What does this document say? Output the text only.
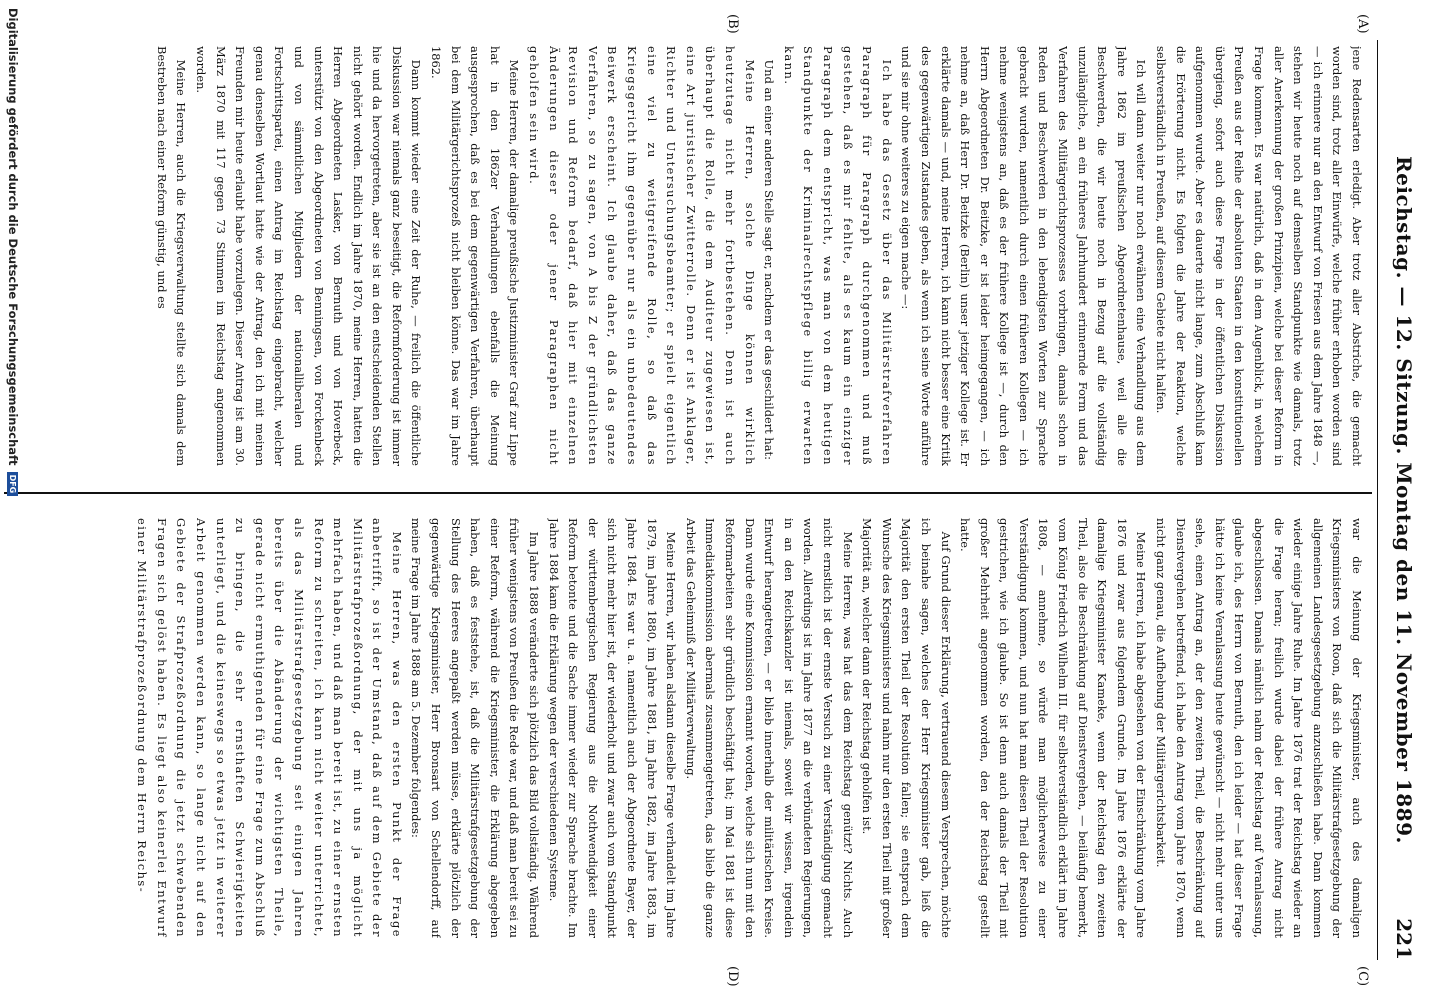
Reichstag. — 12. Sitzung. Montag den 11. November 1889.
221
(A)
(B)
(C)
(D)

jene Redensarten erledigt. Aber trotz aller Abstriche, die gemacht worden sind, trotz aller Einwürfe, welche früher erhoben worden sind — ich erinnere nur an den Entwurf von Friesen aus dem Jahre 1848 —, stehen wir heute noch auf demselben Standpunkte wie damals, trotz aller Anerkennung der großen Prinzipien, welche bei dieser Reform in Frage kommen. Es war natürlich, daß in dem Augenblick, in welchem Preußen aus der Reihe der absoluten Staaten in den konstitutionellen übergieng, sofort auch diese Frage in der öffentlichen Diskussion aufgenommen wurde. Aber es dauerte nicht lange, zum Abschluß kam die Erörterung nicht. Es folgten die Jahre der Reaktion, welche selbstverständlich in Preußen, auf diesem Gebiete nicht halfen.

Ich will dann weiter nur noch erwähnen eine Verhandlung aus dem Jahre 1862 im preußischen Abgeordnetenhause, weil alle die Beschwerden, die wir heute noch in Bezug auf die vollständig unzulängliche, an ein früheres Jahrhundert erinnernde Form und das Verfahren des Militärgerichtsprozesses vorbringen, damals schon in Reden und Beschwerden in den lebendigsten Worten zur Sprache gebracht wurden, namentlich durch einen früheren Kollegen — ich nehme wenigstens an, daß es der frühere Kollege ist —, durch den Herrn Abgeordneten Dr. Beitzke, er ist leider heimgegangen, — ich nehme an, daß Herr Dr. Beitzke (Berlin) unser jetziger Kollege ist. Er erklärte damals — und, meine Herren, ich kann nicht besser eine Kritik des gegenwärtigen Zustandes geben, als wenn ich seine Worte anführe und sie mir ohne weiteres zu eigen mache —:

Ich habe das Gesetz über das Militärstrafverfahren Paragraph für Paragraph durchgenommen und muß gestehen, daß es mir fehlte, als es kaum ein einziger Paragraph dem entspricht, was man von dem heutigen Standpunkte der Kriminalrechtspflege billig erwarten kann.

Und an einer anderen Stelle sagt er, nachdem er das geschildert hat:

Meine Herren, solche Dinge können wirklich heutzutage nicht mehr fortbestehen. Denn ist auch überhaupt die Rolle, die dem Auditeur zugewiesen ist, eine Art juristischer Zwitterrolle. Denn er ist Anklager, Richter und Untersuchungsbeamter; er spielt eigentlich eine viel zu weitgreifende Rolle, so daß das Kriegsgericht ihm gegenüber nur als ein unbedeutendes Beiwerk erscheint. Ich glaube daher, daß das ganze Verfahren, so zu sagen, von A bis Z der gründlichsten Revision und Reform bedarf, daß hier mit einzelnen Änderungen dieser oder jener Paragraphen nicht geholfen sein wird.

Meine Herren, der damalige preußische Justizminister Graf zur Lippe hat in den 1862er Verhandlungen ebenfalls die Meinung ausgesprochen, daß es bei dem gegenwärtigen Verfahren, überhaupt bei dem Militärgerichtsprozeß nicht bleiben könne. Das war im Jahre 1862.

Dann kommt wieder eine Zeit der Ruhe, — freilich die öffentliche Diskussion war niemals ganz beseitigt, die Reformforderung ist immer hie und da hervorgetreten, aber sie ist an den entscheidenden Stellen nicht gehört worden. Endlich im Jahre 1870, meine Herren, hatten die Herren Abgeordneten Lasker, von Bernuth und von Hoverbeck, unterstützt von den Abgeordneten von Benningsen, von Forckenbeck und von sämmtlichen Mitgliedern der nationalliberalen und Fortschrittspartei, einen Antrag im Reichstag eingebracht, welcher genau denselben Wortlaut hatte wie der Antrag, den ich mit meinen Freunden mir heute erlaubt habe vorzulegen. Dieser Antrag ist am 30. März 1870 mit 117 gegen 73 Stimmen im Reichstag angenommen worden.

Meine Herren, auch die Kriegsverwaltung stellte sich damals dem Bestreben nach einer Reform günstig, und es

war die Meinung der Kriegsminister, auch des damaligen Kriegsministers von Roon, daß sich die Militärstrafgesetzgebung der allgemeinen Landesgesetzgebung anzuschließen habe. Dann kommen wieder einige Jahre Ruhe. Im Jahre 1876 trat der Reichstag wieder an die Frage heran; freilich wurde dabei der frühere Antrag nicht abgeschlossen. Damals nämlich nahm der Reichstag auf Veranlassung, glaube ich, des Herrn von Bernuth, den ich leider — hat dieser Frage hätte ich keine Veranlassung heute gewünscht — nicht mehr unter uns sehe, einen Antrag an, der den zweiten Theil, die Beschränkung auf Dienstvergehen betreffend, ich habe den Antrag vom Jahre 1870, wenn nicht ganz genau, die Aufhebung der Militärgerichtsbarkeit.

Meine Herren, ich habe abgesehen von der Einschränkung vom Jahre 1876 und zwar aus folgendem Grunde. Im Jahre 1876 erklärte der damalige Kriegsminister Kameke, wenn der Reichstag den zweiten Theil, also die Beschränkung auf Dienstvergehen, — beiläufig bemerkt, vom König Friedrich Wilhelm III. für selbstverständlich erklärt im Jahre 1808, — annehme, so würde man möglicherweise zu einer Verständigung kommen, und nun hat man diesen Theil der Resolution gestrichen, wie ich glaube. So ist denn auch damals der Theil mit großer Mehrheit angenommen worden, den der Reichstag gestellt hatte.

Auf Grund dieser Erklärung, vertrauend diesem Versprechen, möchte ich beinahe sagen, welches der Herr Kriegsminister gab, ließ die Majorität den ersten Theil der Resolution fallen; sie entsprach dem Wunsche des Kriegsministers und nahm nur den ersten Theil mit großer Majorität an, welcher dann der Reichstag geholfen ist.

Meine Herren, was hat das dem Reichstag genützt? Nichts. Auch nicht ernstlich ist der ernste Versuch zu einer Verständigung gemacht worden. Allerdings ist im Jahre 1877 an die verbündeten Regierungen, in an den Reichskanzler ist niemals, soweit wir wissen, irgendein Entwurf herangetreten, — er blieb innerhalb der militärischen Kreise. Dann wurde eine Kommission ernannt worden, welche sich nun mit den Reformarbeiten sehr gründlich beschäftigt hat; im Mai 1881 ist diese Immediatkommission abermals zusammengetreten, das blieb die ganze Arbeit das Geheimniß der Militärverwaltung.

Meine Herren, wir haben alsdann dieselbe Frage verhandelt im Jahre 1879, im Jahre 1880, im Jahre 1881, im Jahre 1882, im Jahre 1883, im Jahre 1884. Es war u. a. namentlich auch der Abgeordnete Bayer, der sich nicht mehr hier ist, der wiederholt und zwar auch vom Standpunkt der württembergischen Regierung aus die Nothwendigkeit einer Reform betonte und die Sache immer wieder zur Sprache brachte. Im Jahre 1884 kam die Erklärung wegen der verschiedenen Systeme.

Im Jahre 1888 veränderte sich plötzlich das Bild vollständig. Während früher wenigstens von Preußen die Rede war, und daß man bereit sei zu einer Reform, während die Kriegsminister, die Erklärung abgegeben haben, daß es feststehe, ist, daß die Militärstrafgesetzgebung der Stellung des Heeres angepaßt werden müsse, erklärte plötzlich der gegenwärtige Kriegsminister, Herr Bronsart von Schellendorff, auf meine Frage im Jahre 1888 am 5. Dezember folgendes:

Meine Herren, was den ersten Punkt der Frage anbetrifft, so ist der Umstand, daß auf dem Gebiete der Militärstrafprozeßordnung, der mit uns ja möglicht mehrfach haben, und daß man bereit ist, zu einer ernsten Reform zu schreiten, ich kann nicht weiter unterrichtet, als das Militärstrafgesetzgebung seit einigen Jahren bereits über die Abänderung der wichtigsten Theile, gerade nicht ermuthigenden für eine Frage zum Abschluß zu bringen, die sehr ernsthaften Schwierigkeiten unterliegt, und die keineswegs so etwas jetzt in weiterer Arbeit genommen werden kann, so lange nicht auf den Gebiete der Strafprozeßordnung die jetzt schwebenden Fragen sich gelöst haben. Es liegt also keinerlei Entwurf einer Militärstrafprozeßordnung dem Herrn Reichs-

Digitalisierung gefördert durch die Deutsche Forschungsgemeinschaft
DFG
